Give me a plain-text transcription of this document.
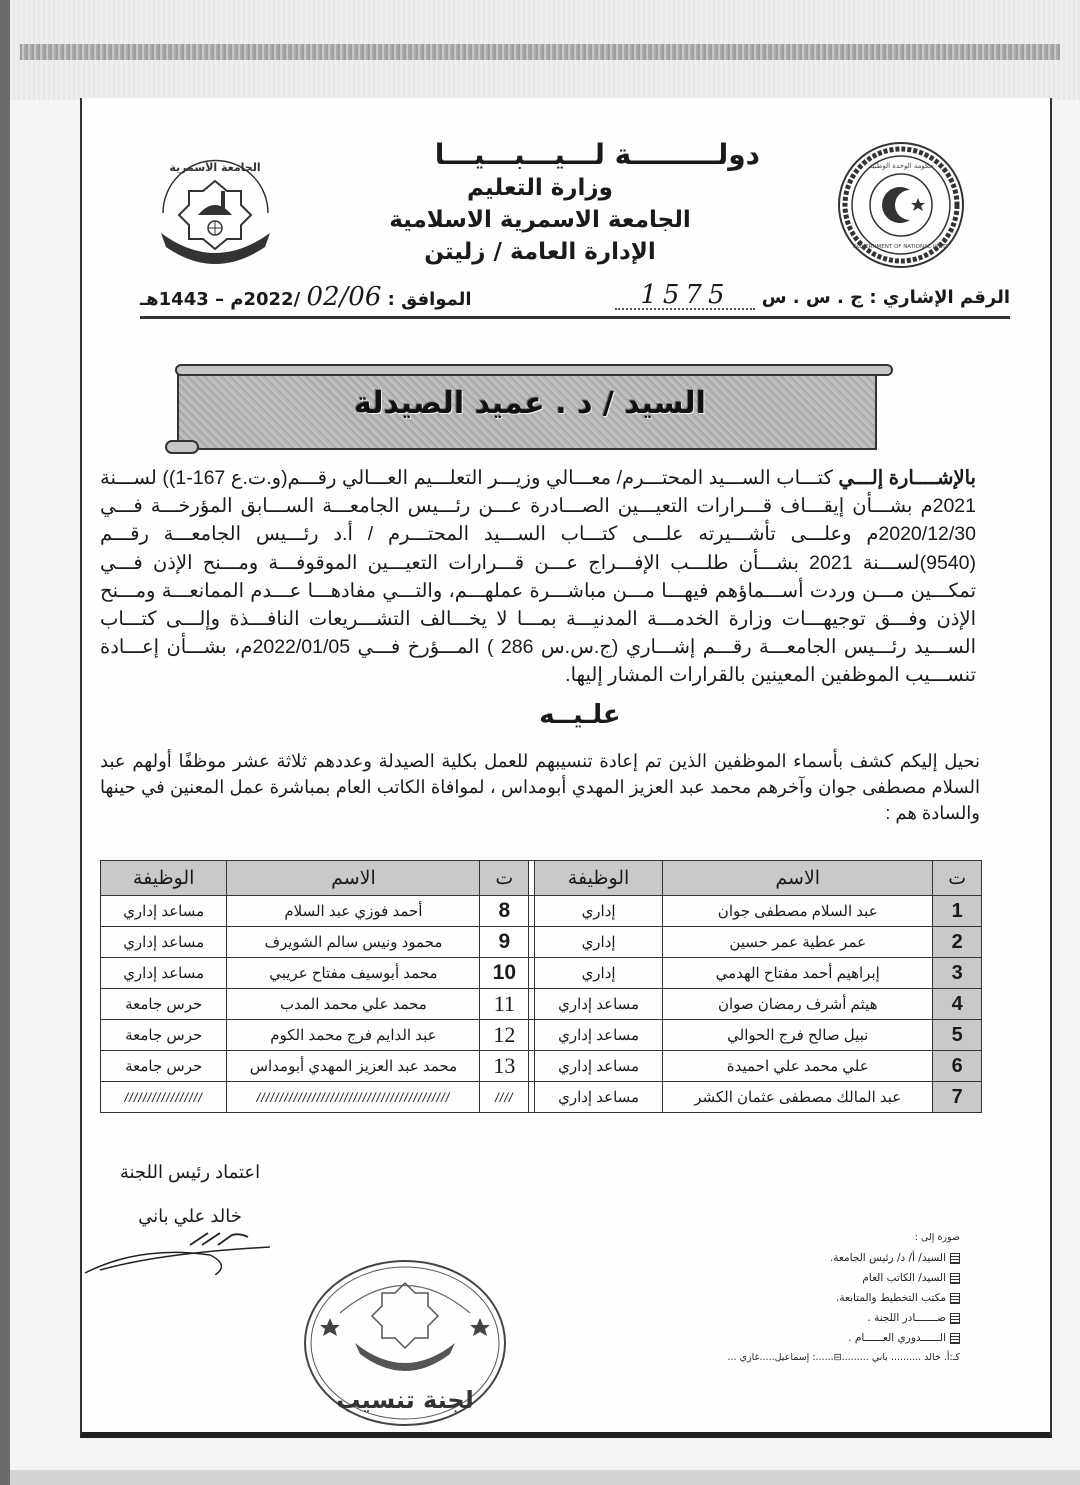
حكومة الوحدة الوطنية
GOVERNMENT OF NATIONAL UNITY
الجامعة الأسمرية
1995

دولـــــــــة لـــيـــبـــيـــا

وزارة التعليم

الجامعة الاسمرية الاسلامية

الإدارة العامة / زليتن

الرقم الإشاري : ج . س . س 1575
الموافق : 02/06 /2022م – 1443هـ
السيد / د . عميد الصيدلة
بالإشــــارة إلـــي كتـــاب الســـيد المحتـــرم/ معـــالي وزيـــر التعلـــيم العـــالي رقـــم(و.ت.ع 167-1)) لســـنة 2021م بشـــأن إيقـــاف قـــرارات التعيـــين الصـــادرة عـــن رئـــيس الجامعـــة الســـابق المؤرخـــة فـــي 2020/12/30م وعلـــى تأشـــيرته علـــى كتـــاب الســـيد المحتـــرم / أ.د رئـــيس الجامعـــة رقـــم (9540)لســـنة 2021 بشـــأن طلـــب الإفـــراج عـــن قـــرارات التعيـــين الموقوفـــة ومـــنح الإذن فـــي تمكـــين مـــن وردت أســـماؤهم فيهـــا مـــن مباشـــرة عملهـــم، والتـــي مفادهـــا عـــدم الممانعـــة ومـــنح الإذن وفـــق توجيهـــات وزارة الخدمـــة المدنيـــة بمـــا لا يخـــالف التشـــريعات النافـــذة وإلـــى كتـــاب الســـيد رئـــيس الجامعـــة رقـــم إشـــاري (ج.س.س 286 ) المـــؤرخ فـــي 2022/01/05م، بشـــأن إعـــادة تنســـيب الموظفين المعينين بالقرارات المشار إليها.
علـيــه
نحيل إليكم كشف بأسماء الموظفين الذين تم إعادة تنسيبهم للعمل بكلية الصيدلة وعددهم ثلاثة عشر موظفًا أولهم عبد السلام مصطفى جوان وآخرهم محمد عبد العزيز المهدي أبومداس ، لموافاة الكاتب العام بمباشرة عمل المعنين في حينها والسادة هم :
ت	الاسم	الوظيفة		ت	الاسم	الوظيفة
1	عبد السلام مصطفى جوان	إداري		8	أحمد فوزي عبد السلام	مساعد إداري
2	عمر عطية عمر حسين	إداري		9	محمود ونيس سالم الشويرف	مساعد إداري
3	إبراهيم أحمد مفتاح الهدمي	إداري		10	محمد أبوسيف مفتاح عريبي	مساعد إداري
4	هيثم أشرف رمضان صوان	مساعد إداري		11	محمد علي محمد المدب	حرس جامعة
5	نبيل صالح فرج الحوالي	مساعد إداري		12	عبد الدايم فرج محمد الكوم	حرس جامعة
6	علي محمد علي احميدة	مساعد إداري		13	محمد عبد العزيز المهدي أبومداس	حرس جامعة
7	عبد المالك مصطفى عثمان الكشر	مساعد إداري		////	//////////////////////////////////////////	/////////////////
اعتماد رئيس اللجنة
خالد علي باني
لجنة تنسيب
صورة إلى :
السيد/ أ/ د/ رئيس الجامعة.
السيد/ الكاتب العام
مكتب التخطيط والمتابعة.
صـــــــادر اللجنة .
الــــــدوري العــــــام .
كـ:أ. خالد .......... باني .........⊟......: إسماعيل.....غازي ...
